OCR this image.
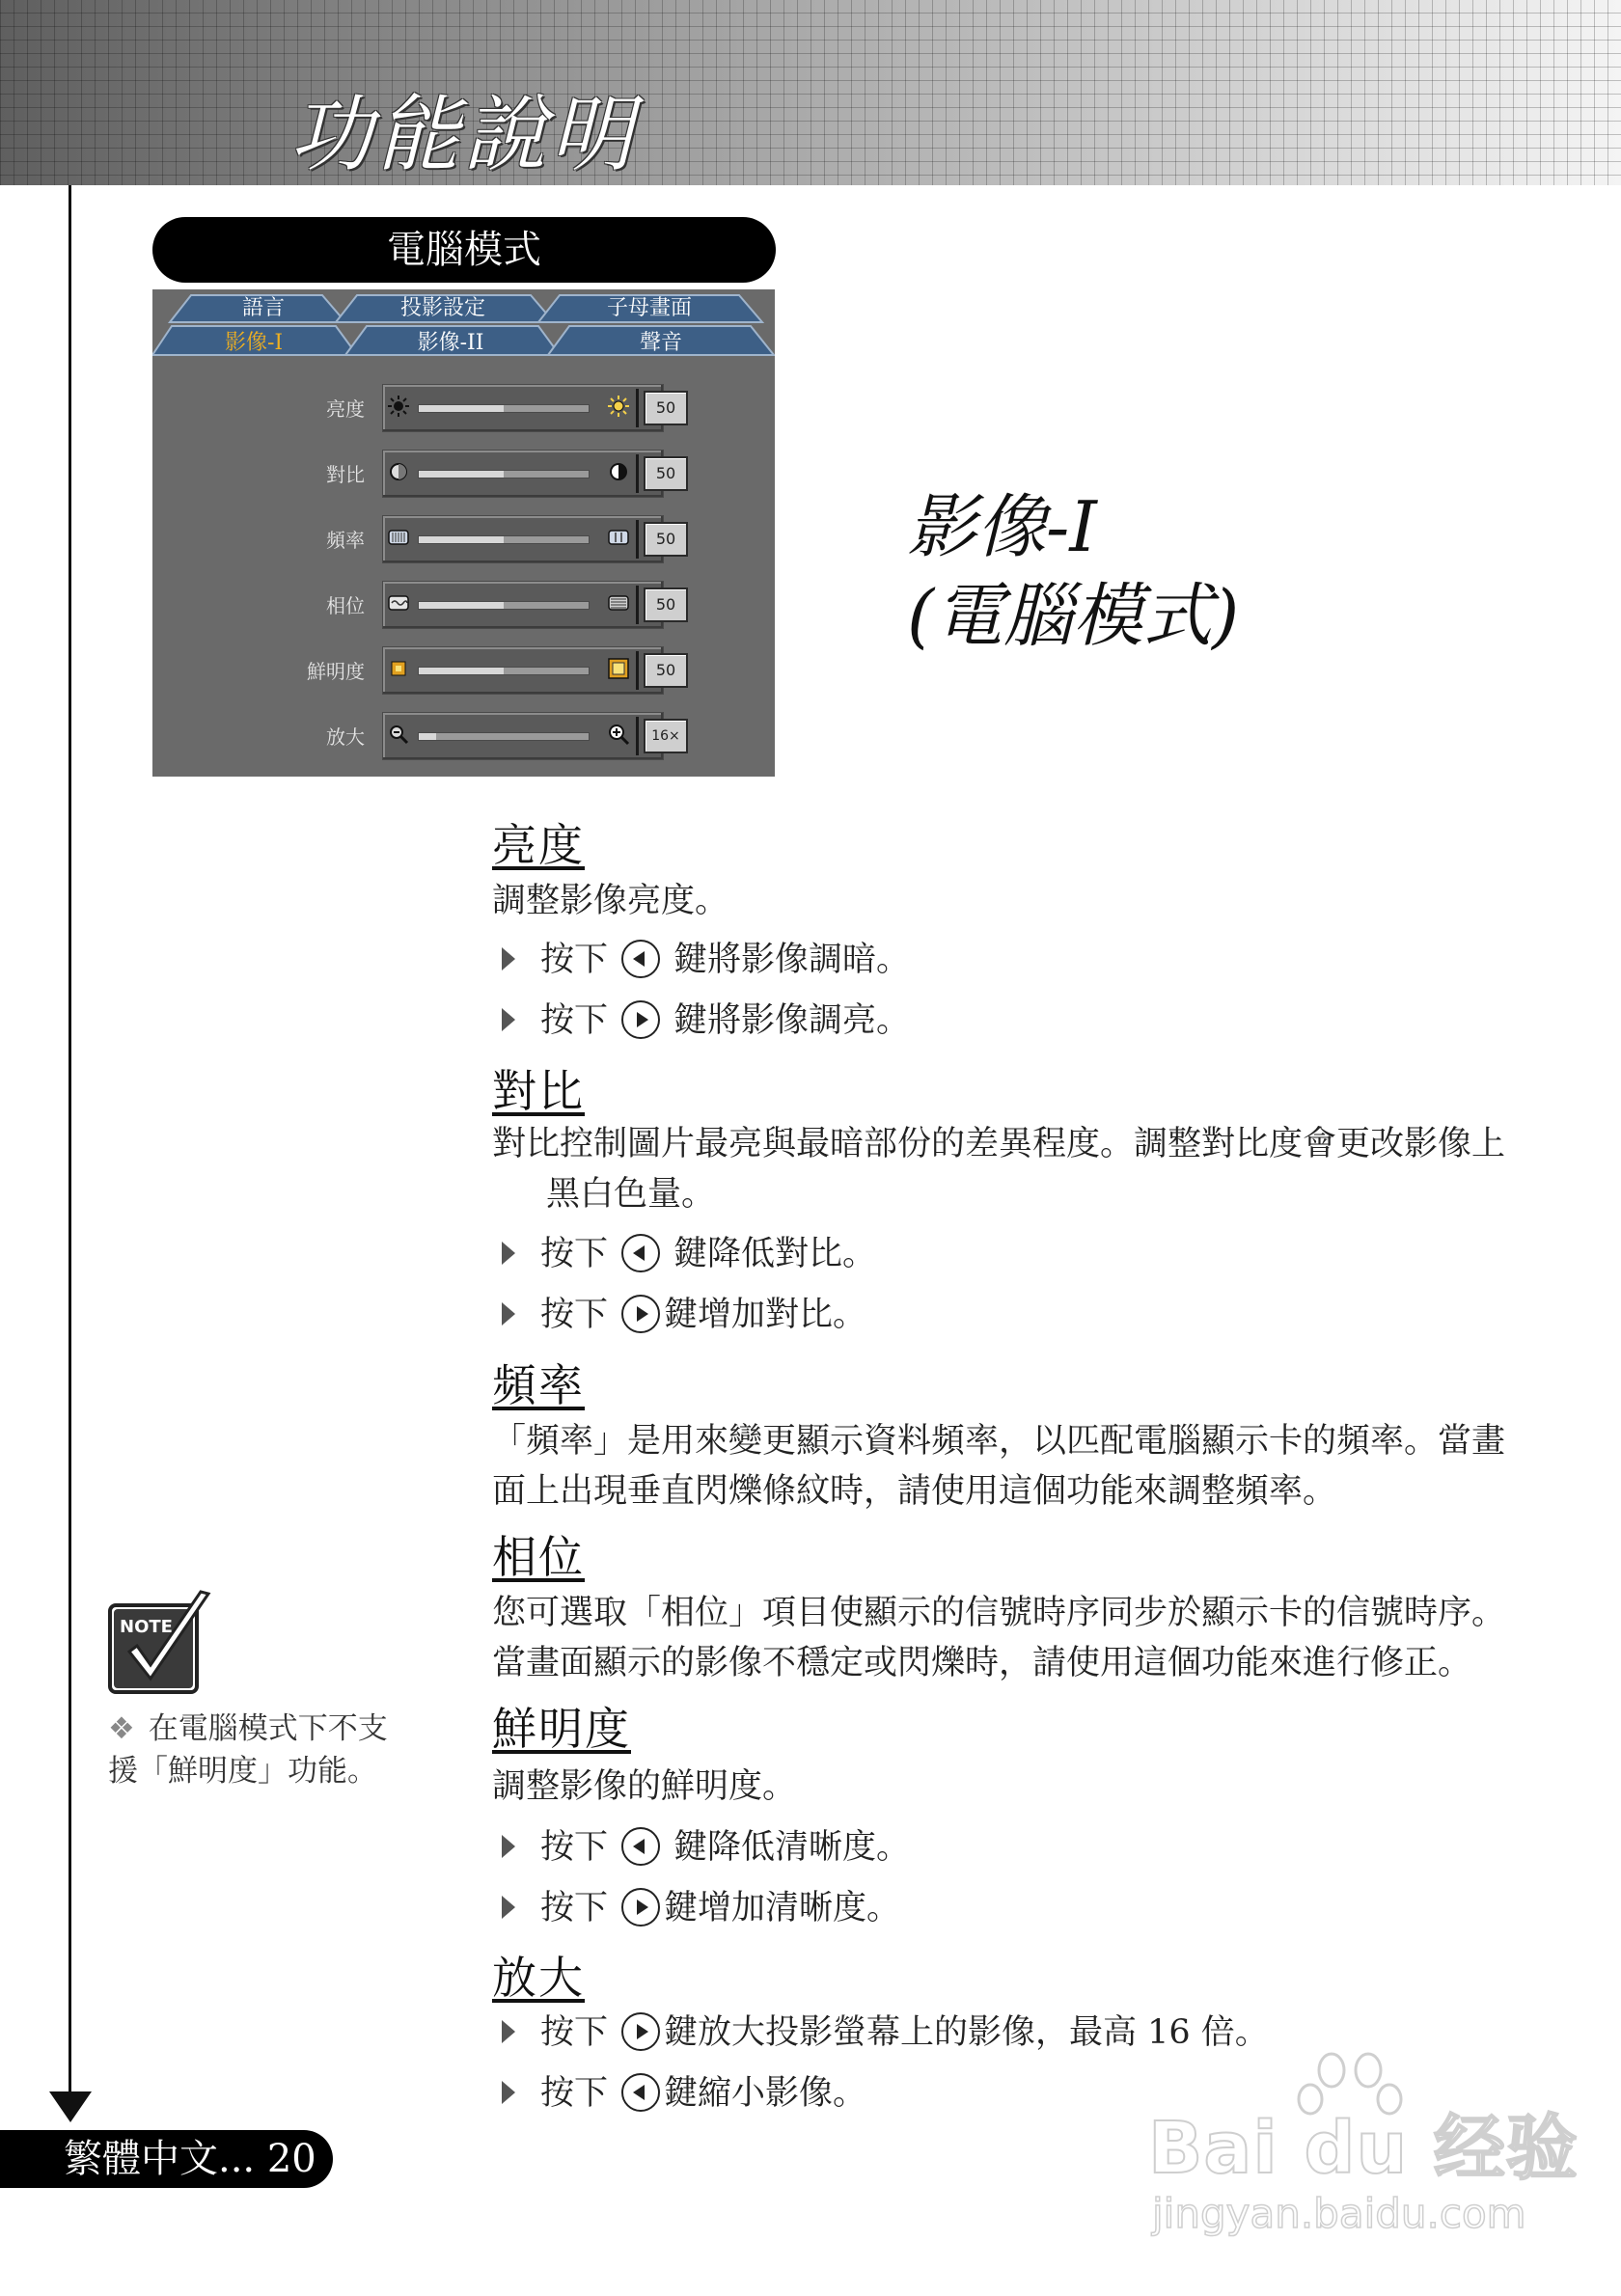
功能說明
電腦模式
語言	投影設定	子母畫面
影像-I	影像-II	聲音
亮度	50
對比	50
頻率	50
相位	50
鮮明度	50
放大	16×
影像-I
(電腦模式)
亮度
調整影像亮度。
按下 鍵將影像調暗。
按下 鍵將影像調亮。
對比
對比控制圖片最亮與最暗部份的差異程度。調整對比度會更改影像上
黑白色量。
按下 鍵降低對比。
按下 鍵增加對比。
頻率
「頻率」是用來變更顯示資料頻率，以匹配電腦顯示卡的頻率。當畫
面上出現垂直閃爍條紋時，請使用這個功能來調整頻率。
相位
您可選取「相位」項目使顯示的信號時序同步於顯示卡的信號時序。
當畫面顯示的影像不穩定或閃爍時，請使用這個功能來進行修正。
鮮明度
調整影像的鮮明度。
按下 鍵降低清晰度。
按下 鍵增加清晰度。
放大
按下 鍵放大投影螢幕上的影像，最高 16 倍。
按下 鍵縮小影像。
NOTE
❖ 在電腦模式下不支
援「鮮明度」功能。
繁體中文... 20	Bai du 经验
jingyan.baidu.com
